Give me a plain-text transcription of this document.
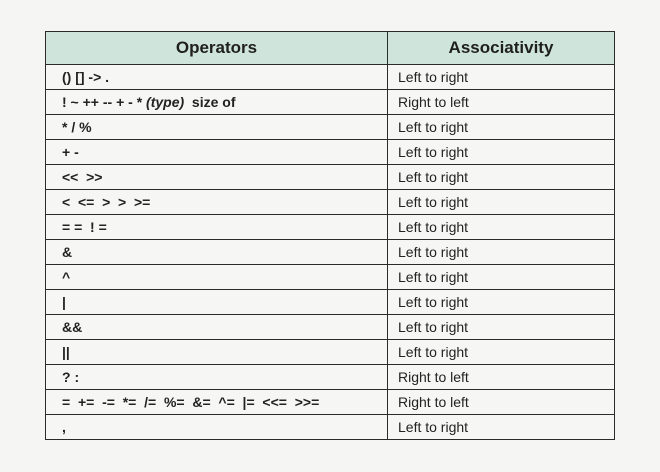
Operators	Associativity
() [] -> .	Left to right
! ~ ++ -- + - * (type)  size of	Right to left
* / %	Left to right
+ -	Left to right
<<  >>	Left to right
<  <=  >  >  >=	Left to right
= =  ! =	Left to right
&	Left to right
^	Left to right
|	Left to right
&&	Left to right
||	Left to right
? :	Right to left
=  +=  -=  *=  /=  %=  &=  ^=  |=  <<=  >>=	Right to left
,	Left to right
